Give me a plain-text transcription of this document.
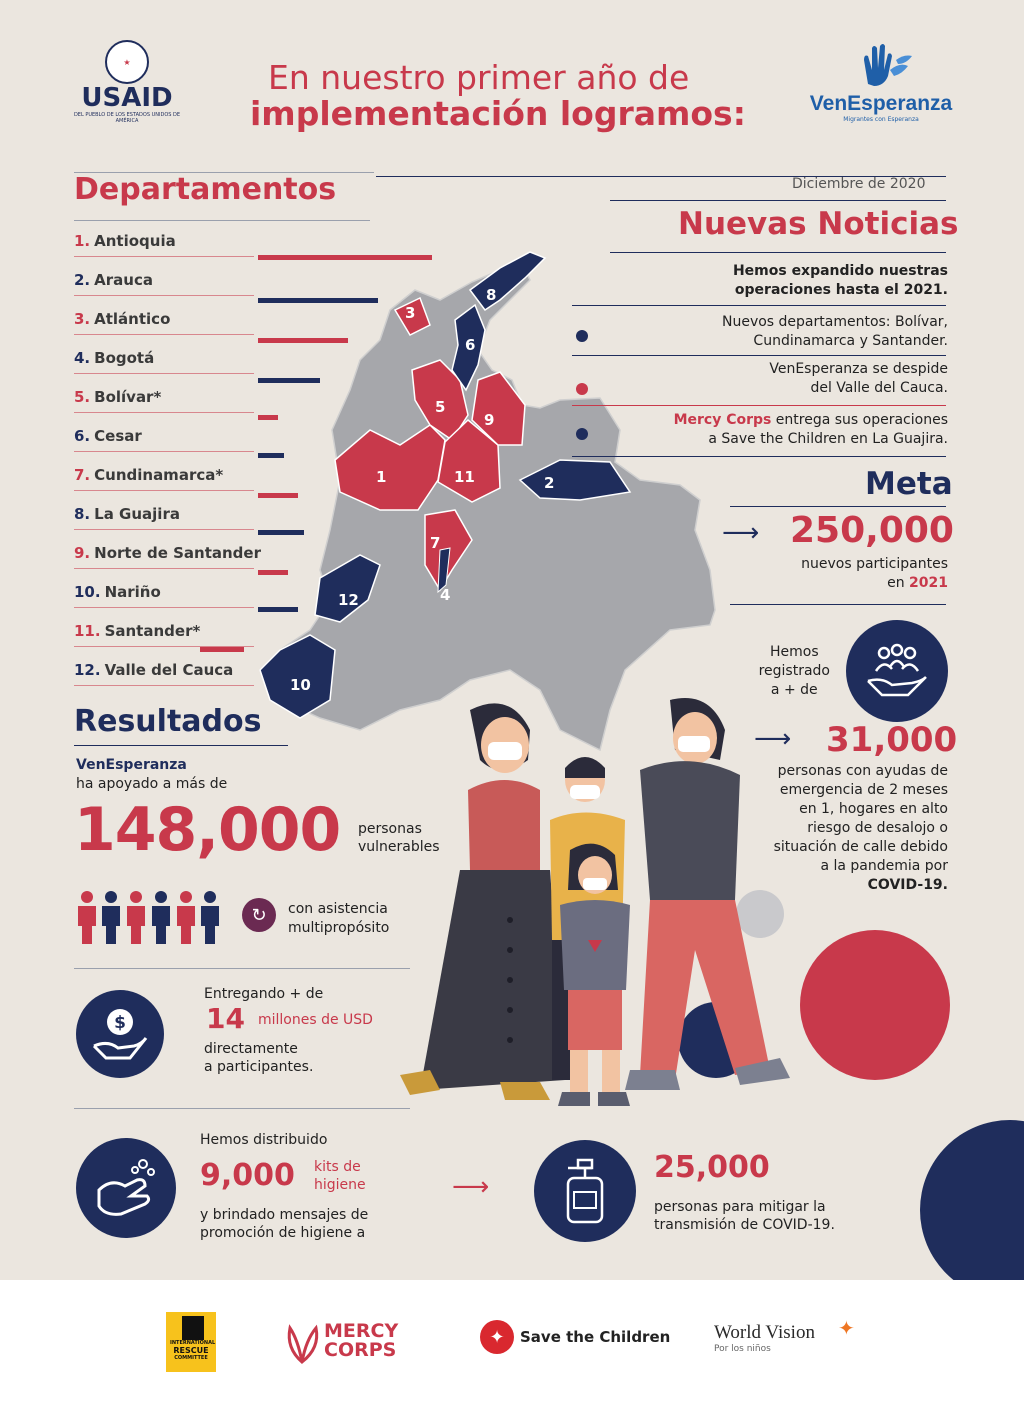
★
USAID
DEL PUEBLO DE LOS ESTADOS UNIDOS DE AMÉRICA
En nuestro primer año de
implementación logramos:	VenEsperanza
Migrantes con Esperanza
Departamentos
1. Antioquia
2. Arauca
3. Atlántico
4. Bogotá
5. Bolívar*
6. Cesar
7. Cundinamarca*
8. La Guajira
9. Norte de Santander
10. Nariño
11. Santander*
12. Valle del Cauca
1	2
3
4
5
6
7
8
9
10
11
12
Diciembre de 2020
Nuevas Noticias
Hemos expandido nuestras
operaciones hasta el 2021.
Nuevos departamentos: Bolívar,
Cundinamarca y Santander.
VenEsperanza se despide
del Valle del Cauca.
Mercy Corps entrega sus operaciones
a Save the Children en La Guajira.
Meta
⟶ 250,000
nuevos participantes
en 2021
Hemos
registrado
a + de
⟶ 31,000
personas con ayudas de
emergencia de 2 meses
en 1, hogares en alto
riesgo de desalojo o
situación de calle debido
a la pandemia por
COVID-19.
Resultados
VenEsperanza
ha apoyado a más de
148,000 personas
vulnerables
↻	con asistencia
multipropósito
$
Entregando + de
14 millones de USD
directamente
a participantes.
Hemos distribuido
9,000 kits de
higiene
y brindado mensajes de
promoción de higiene a
⟶
25,000
personas para mitigar la
transmisión de COVID-19.
INTERNATIONAL
RESCUE
COMMITTEE
MERCY
CORPS
✦	Save the Children World Vision
Por los niños
✦
